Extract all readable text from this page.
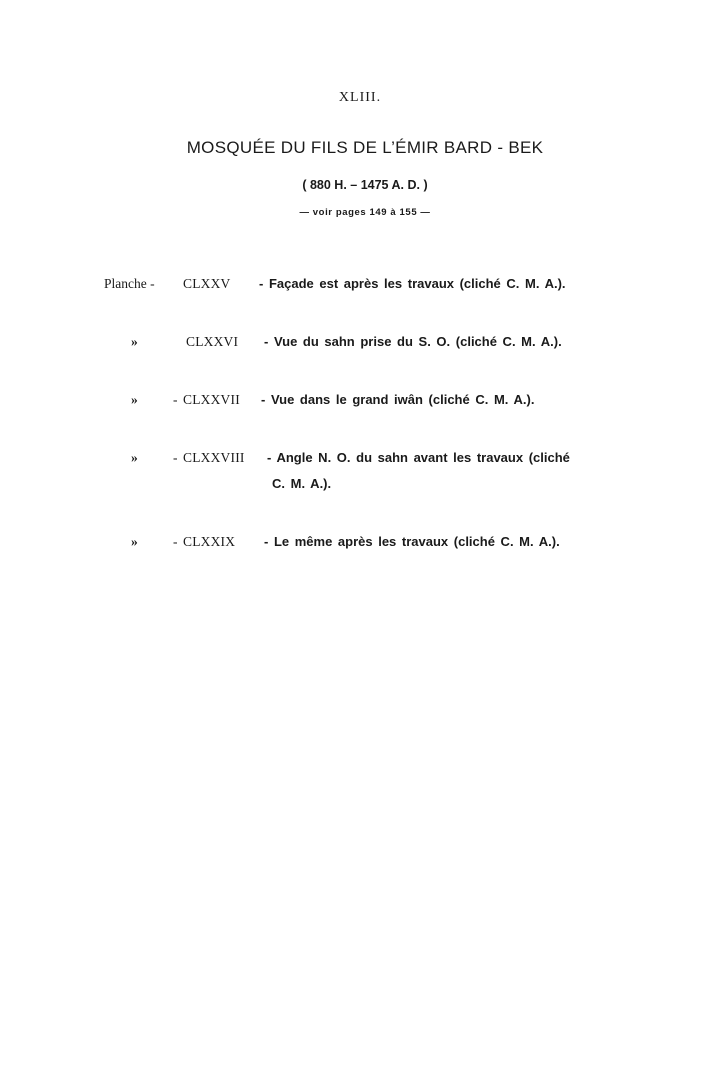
XLIII.
MOSQUÉE DU FILS DE L’ÉMIR BARD - BEK
( 880 H. – 1475 A. D. )
— voir pages 149 à 155 —
Planche - CLXXV - Façade est après les travaux (cliché C. M. A.).
»	CLXXVI - Vue du sahn prise du S. O. (cliché C. M. A.).
»	- CLXXVII - Vue dans le grand iwân (cliché C. M. A.).
»	- CLXXVIII - Angle N. O. du sahn avant les travaux (cliché
C. M. A.).
»	- CLXXIX - Le même après les travaux (cliché C. M. A.).
